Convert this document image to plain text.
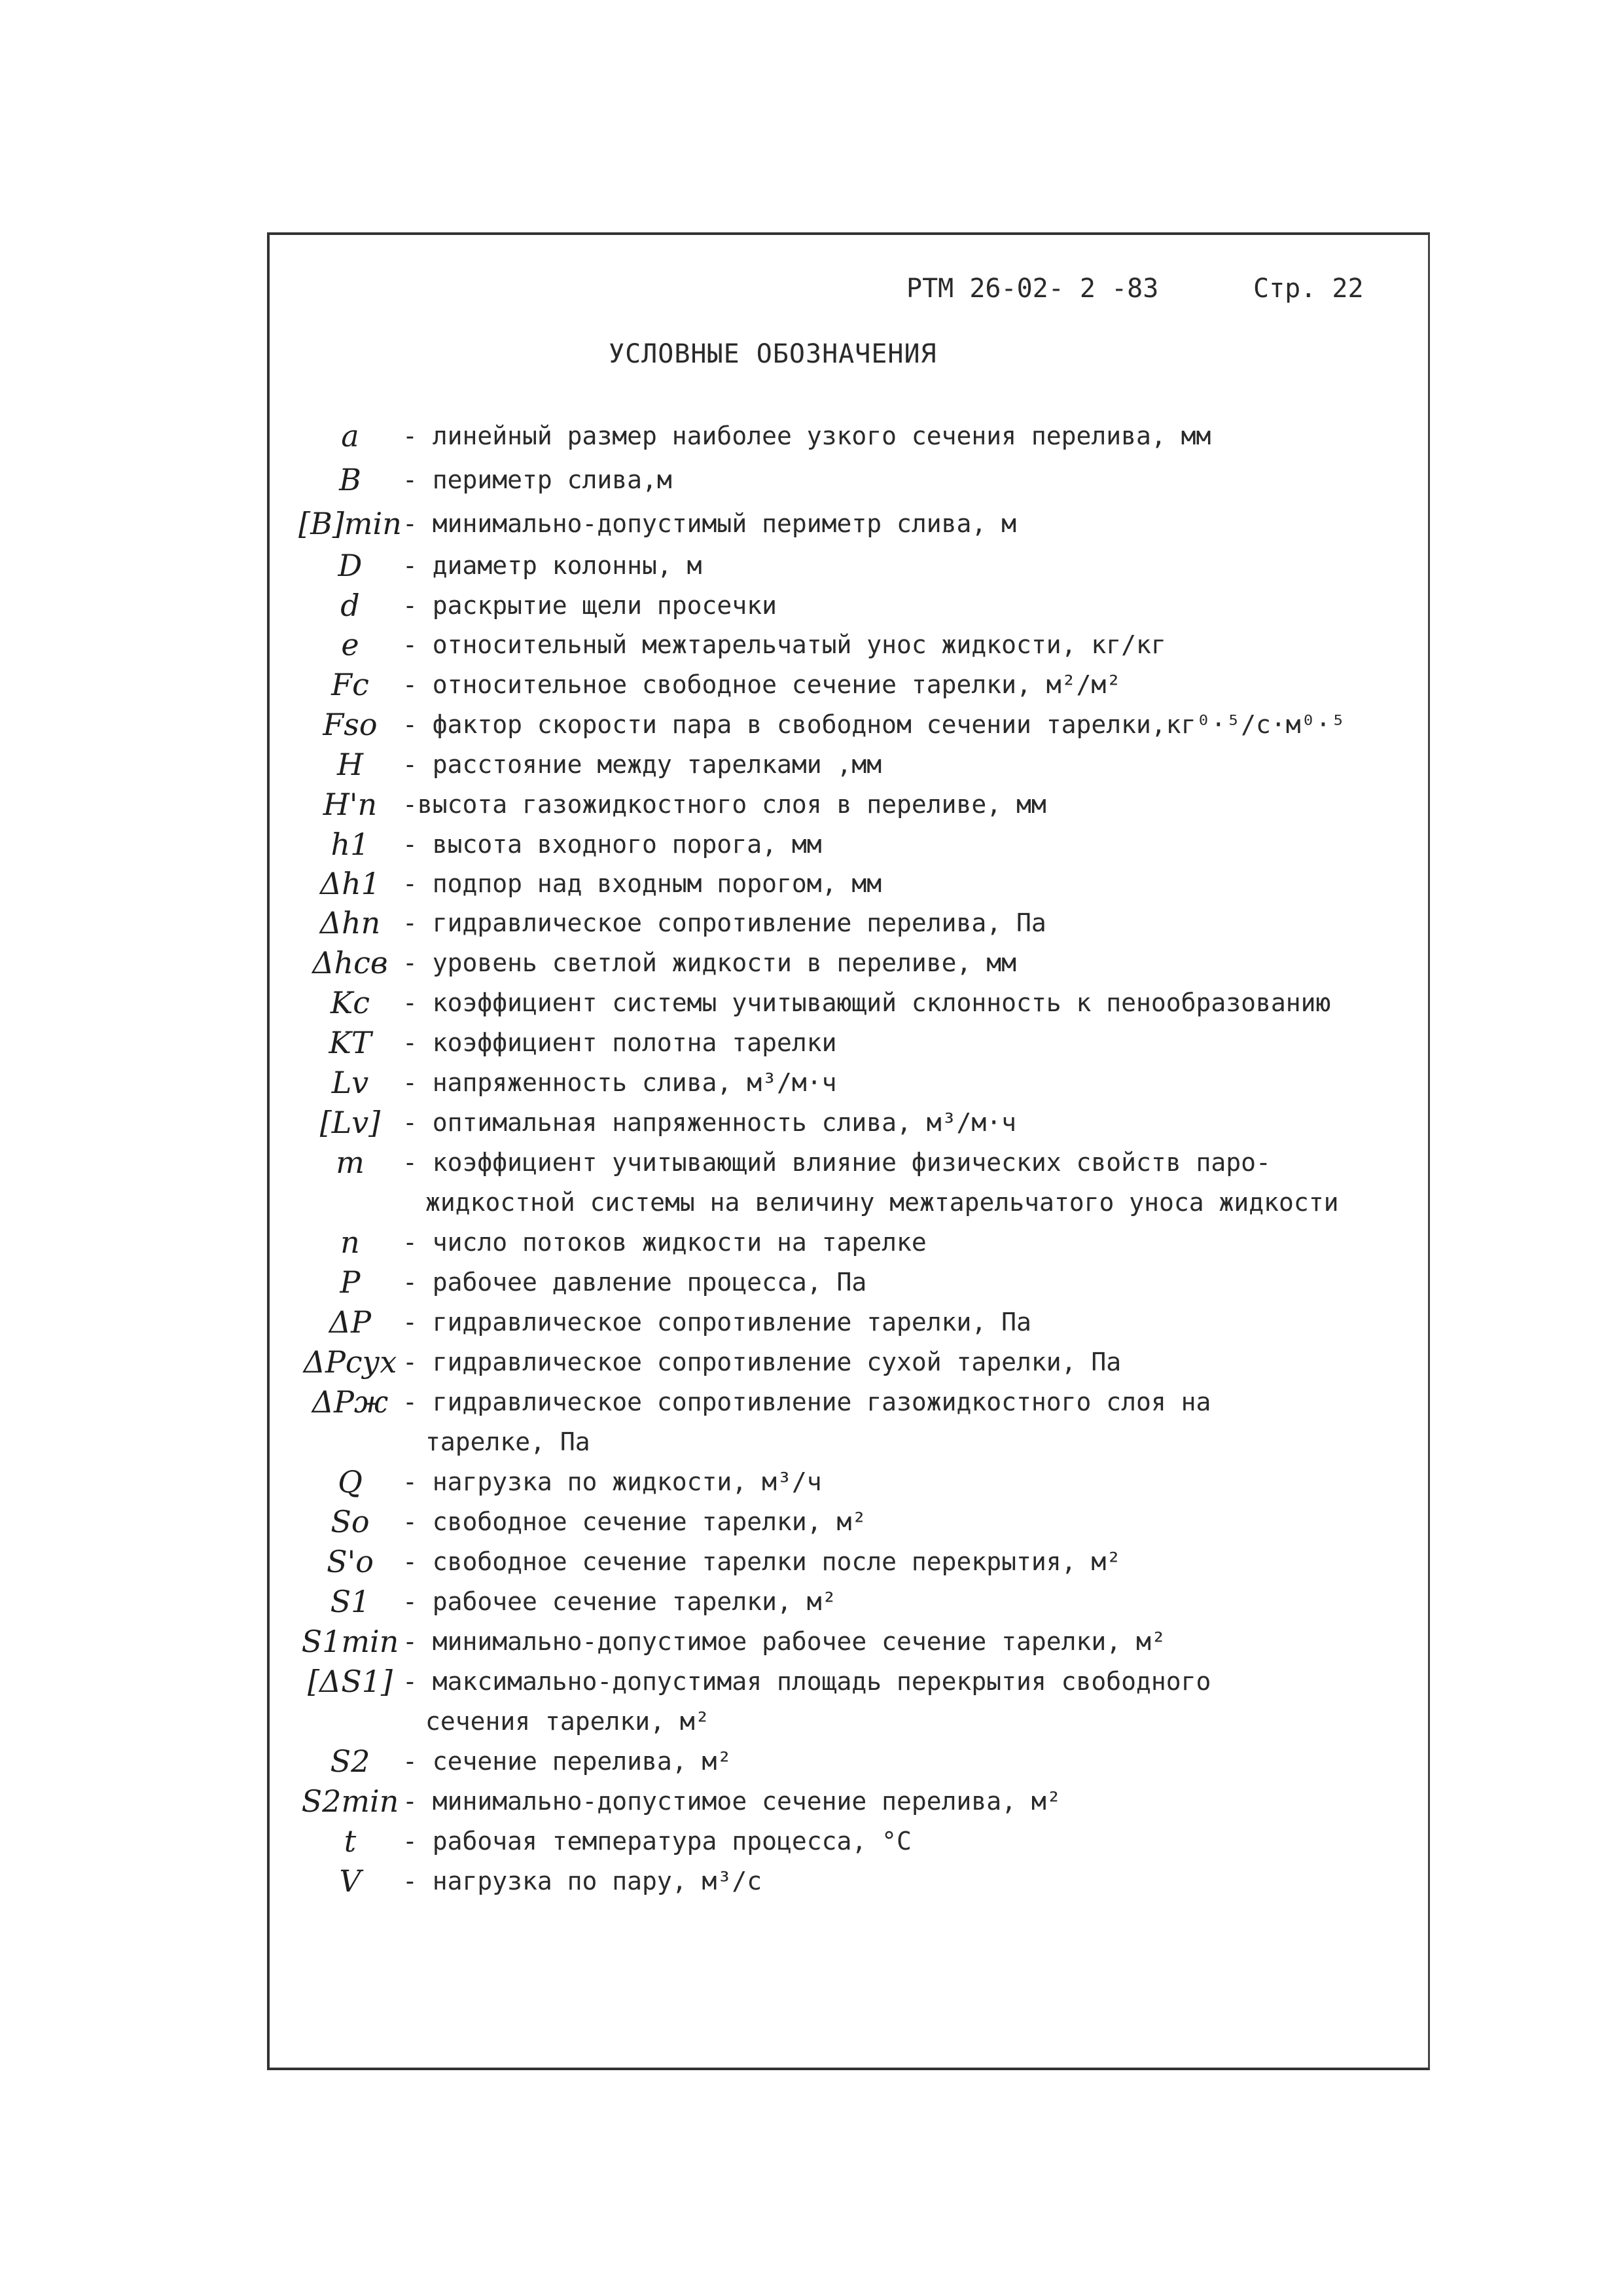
РТМ 26-02- 2 -83	Стр. 22
УСЛОВНЫЕ ОБОЗНАЧЕНИЯ
a	- линейный размер наиболее узкого сечения перелива, мм
B	- периметр слива,м
[B]min - минимально-допустимый периметр слива, м
D	- диаметр колонны, м
d	- раскрытие щели просечки
e	- относительный межтарельчатый унос жидкости, кг/кг
Fc	- относительное свободное сечение тарелки, м²/м²
Fso	- фактор скорости пара в свободном сечении тарелки,кг⁰·⁵/с·м⁰·⁵
H	- расстояние между тарелками ,мм
H'n	-высота газожидкостного слоя в переливе, мм
h1	- высота входного порога, мм
Δh1 - подпор над входным порогом, мм
Δhn - гидравлическое сопротивление перелива, Па
Δhсв - уровень светлой жидкости в переливе, мм
Kc	- коэффициент системы учитывающий склонность к пенообразованию
KT	- коэффициент полотна тарелки
Lv	- напряженность слива, м³/м·ч
[Lv] - оптимальная напряженность слива, м³/м·ч
m	- коэффициент учитывающий влияние физических свойств паро-
жидкостной системы на величину межтарельчатого уноса жидкости
n	- число потоков жидкости на тарелке
P	- рабочее давление процесса, Па
ΔP	- гидравлическое сопротивление тарелки, Па
ΔPсух - гидравлическое сопротивление сухой тарелки, Па
ΔPж - гидравлическое сопротивление газожидкостного слоя на
тарелке, Па
Q	- нагрузка по жидкости, м³/ч
So	- свободное сечение тарелки, м²
S'o	- свободное сечение тарелки после перекрытия, м²
S1	- рабочее сечение тарелки, м²
S1min - минимально-допустимое рабочее сечение тарелки, м²
[ΔS1] - максимально-допустимая площадь перекрытия свободного
сечения тарелки, м²
S2	- сечение перелива, м²
S2min - минимально-допустимое сечение перелива, м²
t	- рабочая температура процесса, °С
V	- нагрузка по пару, м³/с
